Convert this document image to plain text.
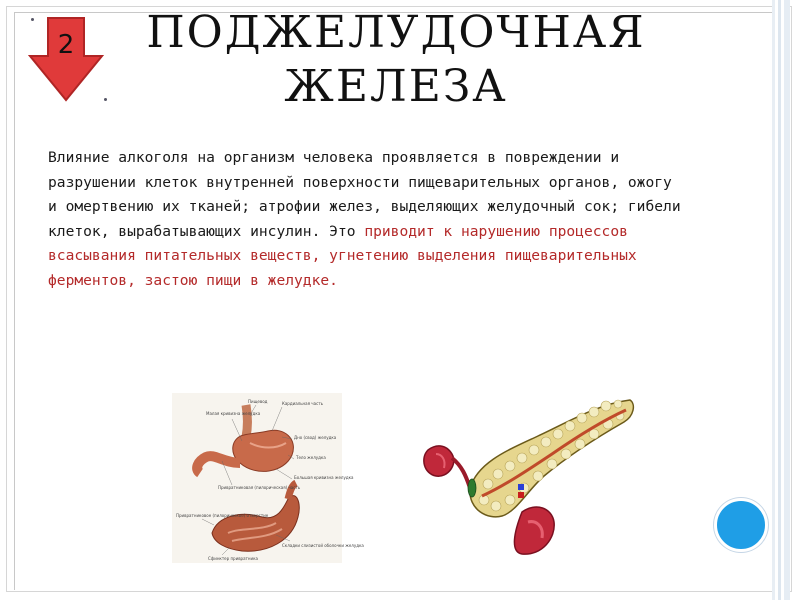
2	ПОДЖЕЛУДОЧНАЯ
ЖЕЛЕЗА

Влияние алкоголя на организм человека проявляется в повреждении и разрушении клеток внутренней поверхности пищеварительных органов, ожогу и омертвению их тканей; атрофии желез, выделяющих желудочный сок; гибели клеток, вырабатывающих инсулин. Это приводит к нарушению процессов всасывания питательных веществ, угнетению выделения пищеварительных ферментов, застою пищи в желудке.

Малая кривизна желудка
Пищевод	Кардиальная часть
Дно (свод) желудка
Тело желудка
Большая кривизна желудка
Привратниковая (пилорическая) часть
Привратниковое (пилорическое) отверстие
Складки слизистой оболочки желудка
Сфинктер привратника
